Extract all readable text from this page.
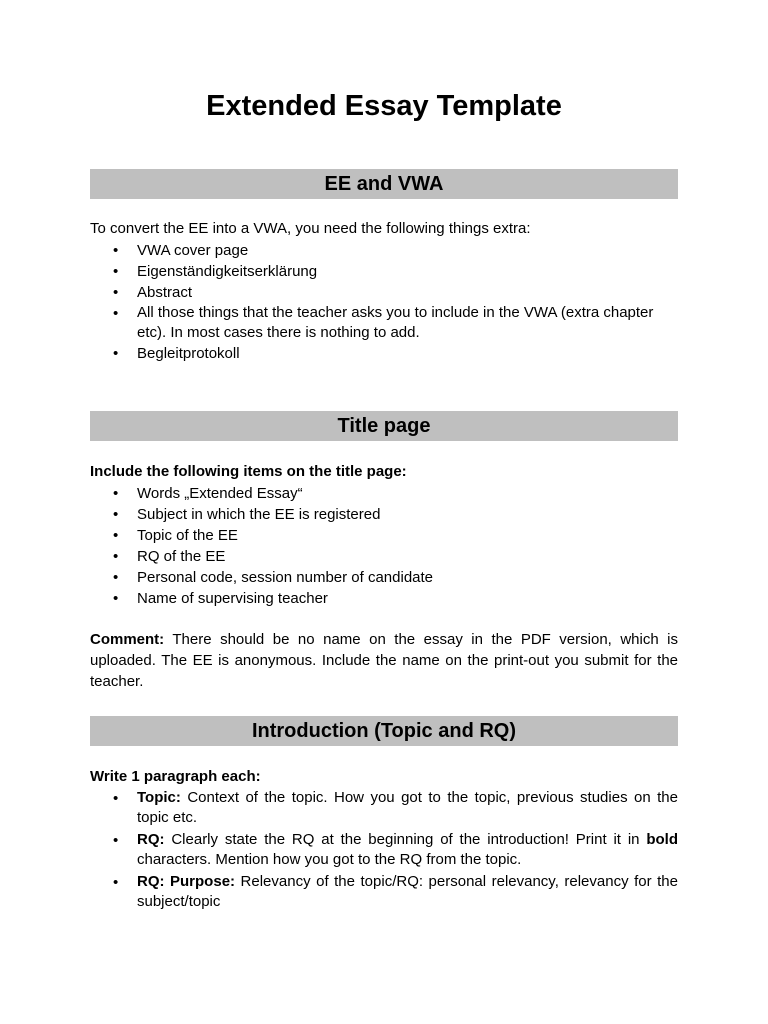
Extended Essay Template
EE and VWA

To convert the EE into a VWA, you need the following things extra:

• VWA cover page
• Eigenständigkeitserklärung
• Abstract
• All those things that the teacher asks you to include in the VWA (extra chapter etc). In most cases there is nothing to add.
• Begleitprotokoll
Title page

Include the following items on the title page:

• Words „Extended Essay“
• Subject in which the EE is registered
• Topic of the EE
• RQ of the EE
• Personal code, session number of candidate
• Name of supervising teacher

Comment: There should be no name on the essay in the PDF version, which is uploaded. The EE is anonymous. Include the name on the print-out you submit for the teacher.

Introduction (Topic and RQ)

Write 1 paragraph each:

• Topic: Context of the topic. How you got to the topic, previous studies on the topic etc.
• RQ: Clearly state the RQ at the beginning of the introduction! Print it in bold characters. Mention how you got to the RQ from the topic.
• RQ: Purpose: Relevancy of the topic/RQ: personal relevancy, relevancy for the subject/topic
